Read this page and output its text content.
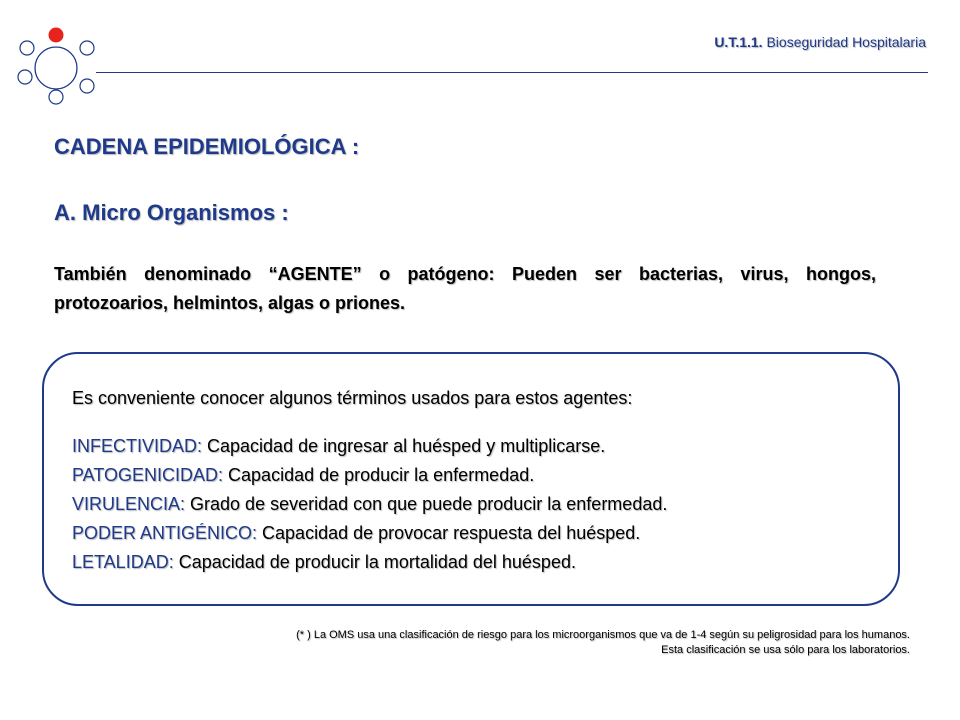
U.T.1.1. Bioseguridad Hospitalaria
CADENA EPIDEMIOLÓGICA :
A. Micro Organismos :

También denominado “AGENTE” o patógeno: Pueden ser bacterias, virus, hongos, protozoarios, helmintos, algas o priones.

Es conveniente conocer algunos términos usados para estos agentes:

INFECTIVIDAD: Capacidad de ingresar al huésped y multiplicarse.
PATOGENICIDAD: Capacidad de producir la enfermedad.
VIRULENCIA: Grado de severidad con que puede producir la enfermedad.
PODER ANTIGÉNICO: Capacidad de provocar respuesta del huésped.
LETALIDAD: Capacidad de producir la mortalidad del huésped.
(* ) La OMS usa una clasificación de riesgo para los microorganismos que va de 1-4 según su peligrosidad para los humanos.
Esta clasificación se usa sólo para los laboratorios.
